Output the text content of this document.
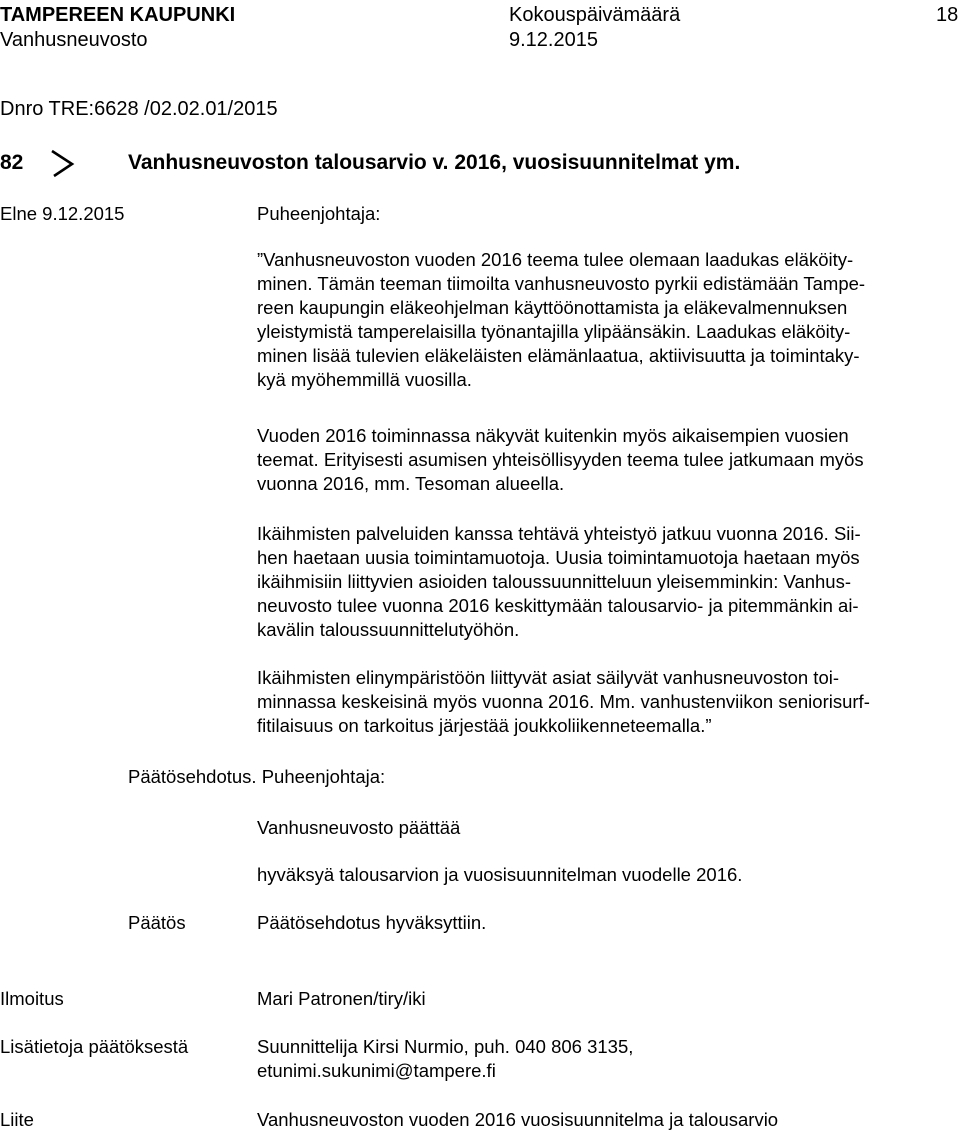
TAMPEREEN KAUPUNKI	Kokouspäivämäärä	18
Vanhusneuvosto	9.12.2015
Dnro TRE:6628 /02.02.01/2015
82	Vanhusneuvoston talousarvio v. 2016, vuosisuunnitelmat ym.
Elne 9.12.2015	Puheenjohtaja:
”Vanhusneuvoston vuoden 2016 teema tulee olemaan laadukas eläköity-
minen. Tämän teeman tiimoilta vanhusneuvosto pyrkii edistämään Tampe-
reen kaupungin eläkeohjelman käyttöönottamista ja eläkevalmennuksen
yleistymistä tamperelaisilla työnantajilla ylipäänsäkin. Laadukas eläköity-
minen lisää tulevien eläkeläisten elämänlaatua, aktiivisuutta ja toimintaky-
kyä myöhemmillä vuosilla.
Vuoden 2016 toiminnassa näkyvät kuitenkin myös aikaisempien vuosien
teemat. Erityisesti asumisen yhteisöllisyyden teema tulee jatkumaan myös
vuonna 2016, mm. Tesoman alueella.
Ikäihmisten palveluiden kanssa tehtävä yhteistyö jatkuu vuonna 2016. Sii-
hen haetaan uusia toimintamuotoja. Uusia toimintamuotoja haetaan myös
ikäihmisiin liittyvien asioiden taloussuunnitteluun yleisemminkin: Vanhus-
neuvosto tulee vuonna 2016 keskittymään talousarvio- ja pitemmänkin ai-
kavälin taloussuunnittelutyöhön.
Ikäihmisten elinympäristöön liittyvät asiat säilyvät vanhusneuvoston toi-
minnassa keskeisinä myös vuonna 2016. Mm. vanhustenviikon seniorisurf-
fitilaisuus on tarkoitus järjestää joukkoliikenneteemalla.”
Päätösehdotus. Puheenjohtaja:
Vanhusneuvosto päättää
hyväksyä talousarvion ja vuosisuunnitelman vuodelle 2016.
Päätös	Päätösehdotus hyväksyttiin.
Ilmoitus	Mari Patronen/tiry/iki
Lisätietoja päätöksestä	Suunnittelija Kirsi Nurmio, puh. 040 806 3135,
etunimi.sukunimi@tampere.fi
Liite	Vanhusneuvoston vuoden 2016 vuosisuunnitelma ja talousarvio
